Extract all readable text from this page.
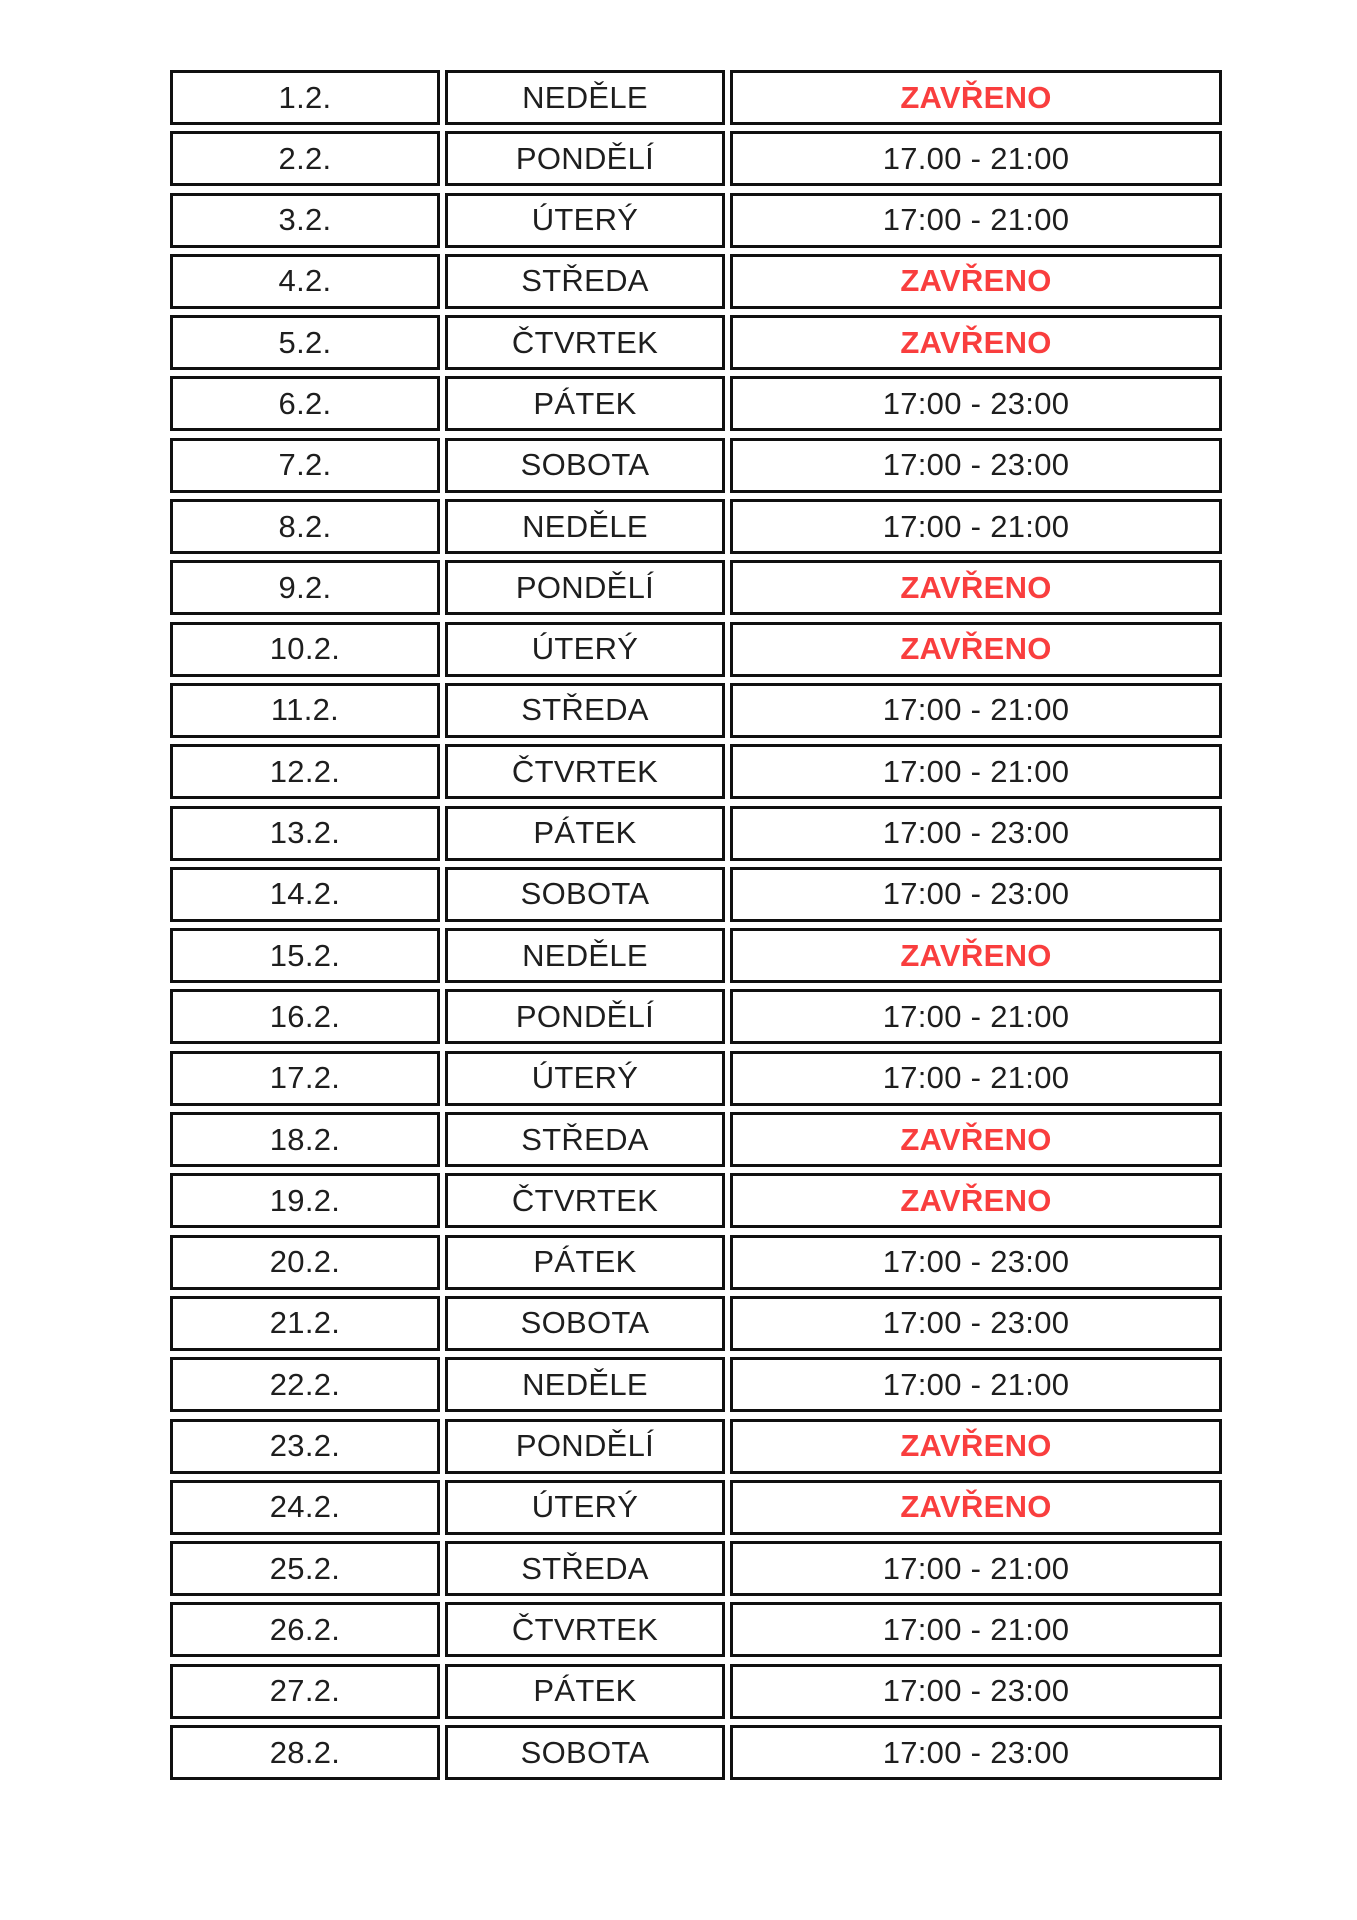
1.2.	NEDĚLE	ZAVŘENO
2.2.	PONDĚLÍ	17.00 - 21:00
3.2.	ÚTERÝ	17:00 - 21:00
4.2.	STŘEDA	ZAVŘENO
5.2.	ČTVRTEK	ZAVŘENO
6.2.	PÁTEK	17:00 - 23:00
7.2.	SOBOTA	17:00 - 23:00
8.2.	NEDĚLE	17:00 - 21:00
9.2.	PONDĚLÍ	ZAVŘENO
10.2.	ÚTERÝ	ZAVŘENO
11.2.	STŘEDA	17:00 - 21:00
12.2.	ČTVRTEK	17:00 - 21:00
13.2.	PÁTEK	17:00 - 23:00
14.2.	SOBOTA	17:00 - 23:00
15.2.	NEDĚLE	ZAVŘENO
16.2.	PONDĚLÍ	17:00 - 21:00
17.2.	ÚTERÝ	17:00 - 21:00
18.2.	STŘEDA	ZAVŘENO
19.2.	ČTVRTEK	ZAVŘENO
20.2.	PÁTEK	17:00 - 23:00
21.2.	SOBOTA	17:00 - 23:00
22.2.	NEDĚLE	17:00 - 21:00
23.2.	PONDĚLÍ	ZAVŘENO
24.2.	ÚTERÝ	ZAVŘENO
25.2.	STŘEDA	17:00 - 21:00
26.2.	ČTVRTEK	17:00 - 21:00
27.2.	PÁTEK	17:00 - 23:00
28.2.	SOBOTA	17:00 - 23:00
